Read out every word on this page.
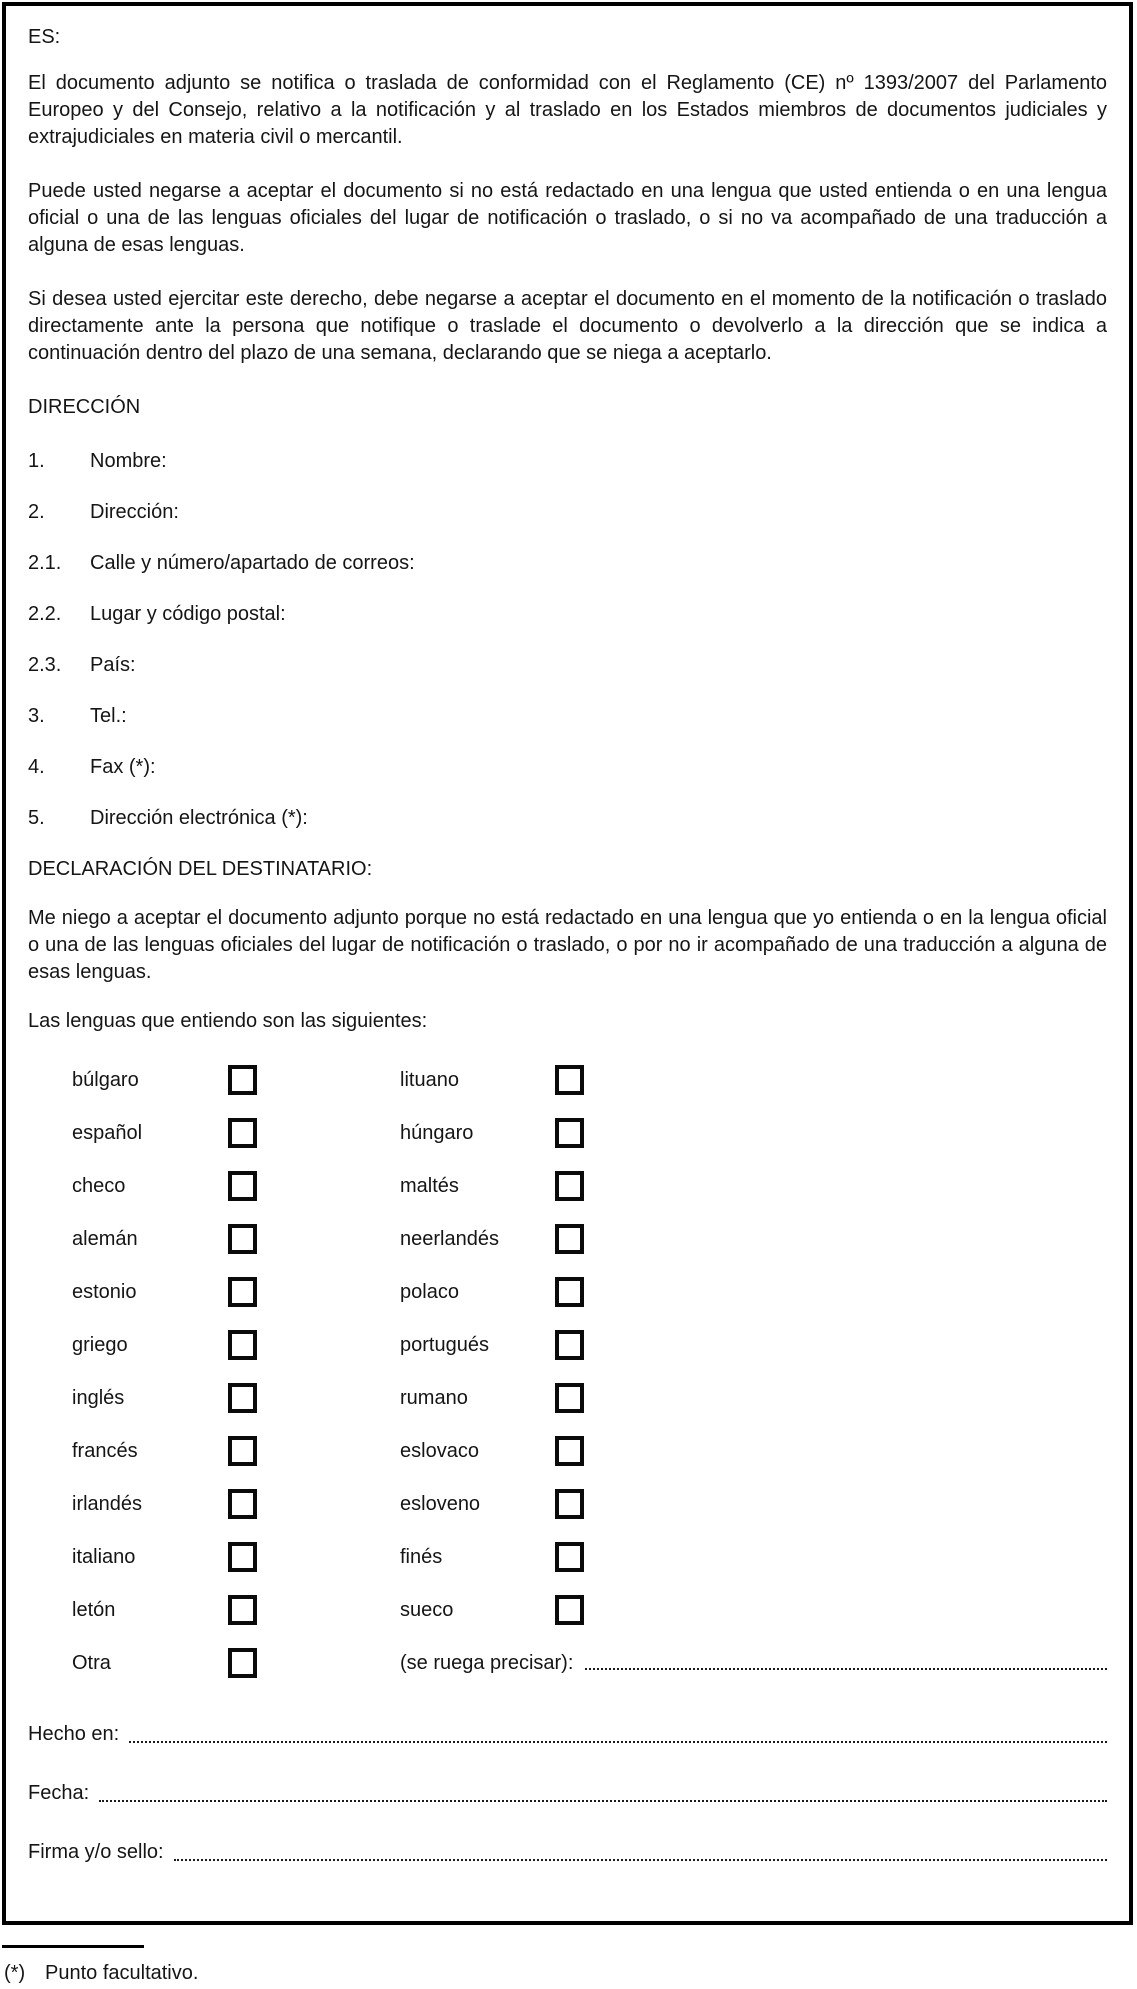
ES:

El documento adjunto se notifica o traslada de conformidad con el Reglamento (CE) nº 1393/2007 del Parlamento Europeo y del Consejo, relativo a la notificación y al traslado en los Estados miembros de documentos judiciales y extrajudiciales en materia civil o mercantil.

Puede usted negarse a aceptar el documento si no está redactado en una lengua que usted entienda o en una lengua oficial o una de las lenguas oficiales del lugar de notificación o traslado, o si no va acompañado de una traducción a alguna de esas lenguas.

Si desea usted ejercitar este derecho, debe negarse a aceptar el documento en el momento de la notificación o traslado directamente ante la persona que notifique o traslade el documento o devolverlo a la dirección que se indica a continuación dentro del plazo de una semana, declarando que se niega a aceptarlo.

DIRECCIÓN
1.	Nombre:
2.	Dirección:
2.1.	Calle y número/apartado de correos:
2.2.	Lugar y código postal:
2.3.	País:
3.	Tel.:
4.	Fax (*):
5.	Dirección electrónica (*):
DECLARACIÓN DEL DESTINATARIO:

Me niego a aceptar el documento adjunto porque no está redactado en una lengua que yo entienda o en la lengua oficial o una de las lenguas oficiales del lugar de notificación o traslado, o por no ir acompañado de una traducción a alguna de esas lenguas.

Las lenguas que entiendo son las siguientes:
búlgaro	lituano
español	húngaro
checo	maltés
alemán	neerlandés
estonio	polaco
griego	portugués
inglés	rumano
francés	eslovaco
irlandés	esloveno
italiano	finés
letón	sueco
Otra	(se ruega precisar):
Hecho en:
Fecha:
Firma y/o sello:
(*) Punto facultativo.
